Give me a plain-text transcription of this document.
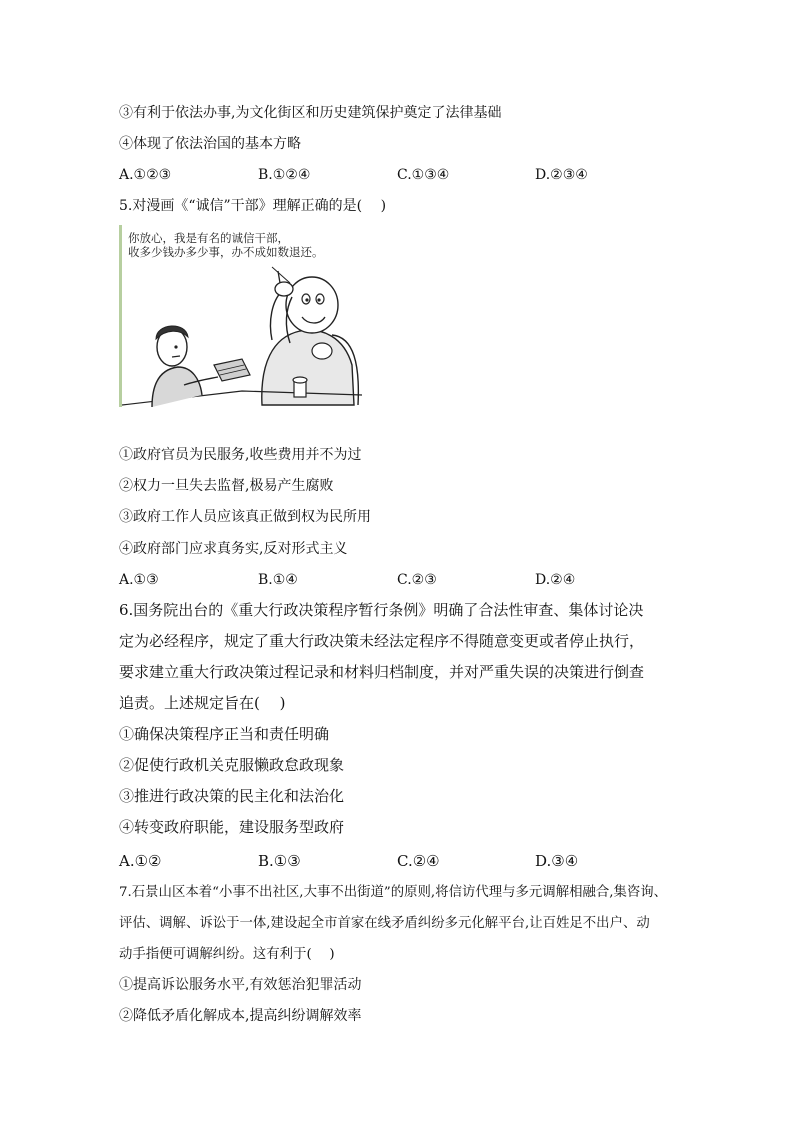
③有利于依法办事,为文化街区和历史建筑保护奠定了法律基础
④体现了依法治国的基本方略
A.①②③	B.①②④	C.①③④	D.②③④
5.对漫画《“诚信”干部》理解正确的是(　 )
你放心，我是有名的诚信干部，
收多少钱办多少事，办不成如数退还。
①政府官员为民服务,收些费用并不为过
②权力一旦失去监督,极易产生腐败
③政府工作人员应该真正做到权为民所用
④政府部门应求真务实,反对形式主义
A.①③	B.①④	C.②③	D.②④
6.国务院出台的《重大行政决策程序暂行条例》明确了合法性审查、集体讨论决
定为必经程序，规定了重大行政决策未经法定程序不得随意变更或者停止执行，
要求建立重大行政决策过程记录和材料归档制度，并对严重失误的决策进行倒查
追责。上述规定旨在(　 )
①确保决策程序正当和责任明确
②促使行政机关克服懒政怠政现象
③推进行政决策的民主化和法治化
④转变政府职能，建设服务型政府
A.①②	B.①③	C.②④	D.③④
7.石景山区本着“小事不出社区,大事不出街道”的原则,将信访代理与多元调解相融合,集咨询、
评估、调解、诉讼于一体,建设起全市首家在线矛盾纠纷多元化解平台,让百姓足不出户、动
动手指便可调解纠纷。这有利于(　 )
①提高诉讼服务水平,有效惩治犯罪活动
②降低矛盾化解成本,提高纠纷调解效率
